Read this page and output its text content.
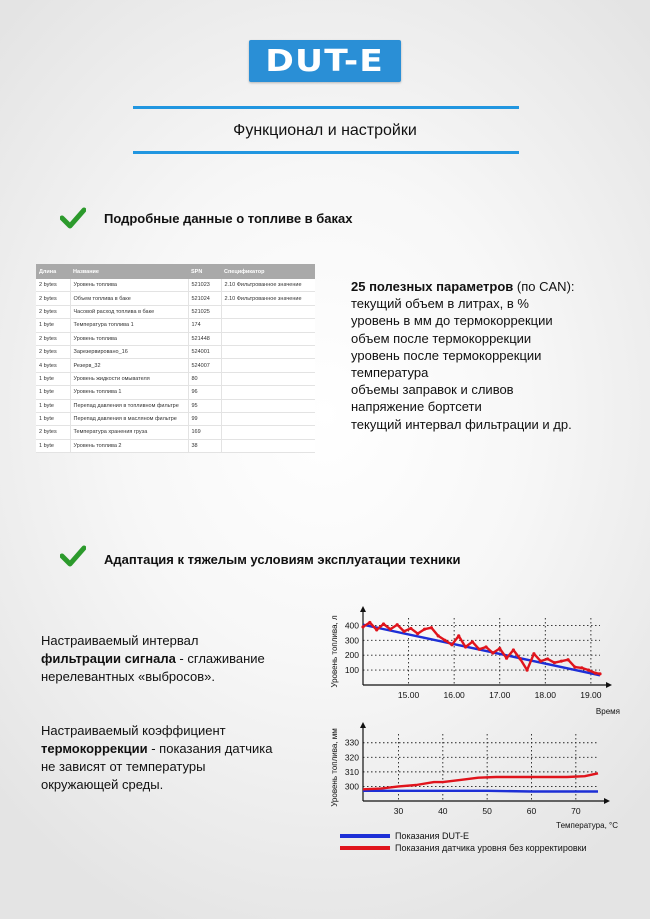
DUT-E
Функционал и настройки
Подробные данные о топливе в баках
Длина	Название	SPN	Спецификатор
2 bytes	Уровень топлива	521023	2.10 Фильтрованное значение
2 bytes	Объем топлива в баке	521024	2.10 Фильтрованное значение
2 bytes	Часовой расход топлива в баке	521025	
1 byte	Температура топлива 1	174	
2 bytes	Уровень топлива	521448	
2 bytes	Зарезервировано_16	524001	
4 bytes	Резерв_32	524007	
1 byte	Уровень жидкости омывателя	80	
1 byte	Уровень топлива 1	96	
1 byte	Перепад давления в топливном фильтре	95	
1 byte	Перепад давления в масляном фильтре	99	
2 bytes	Температура хранения груза	169	
1 byte	Уровень топлива 2	38	
25 полезных параметров (по CAN):
текущий объем в литрах, в %
уровень в мм до термокоррекции
объем после термокоррекции
уровень после термокоррекции
температура
объемы заправок и сливов
напряжение бортсети
текущий интервал фильтрации и др.
Адаптация к тяжелым условиям эксплуатации техники
Настраиваемый интервал
фильтрации сигнала - сглаживание нерелевантных «выбросов».
Настраиваемый коэффициент
термокоррекции - показания датчика не зависят от температуры окружающей среды.
100
200
300
400
15.00	16.00	17.00	18.00	19.00
Уровень топлива, л
Время
300
310
320
330
30	40	50	60	70
Уровень топлива, мм
Температура, °С
Показания DUT-E
Показания датчика уровня без корректировки
